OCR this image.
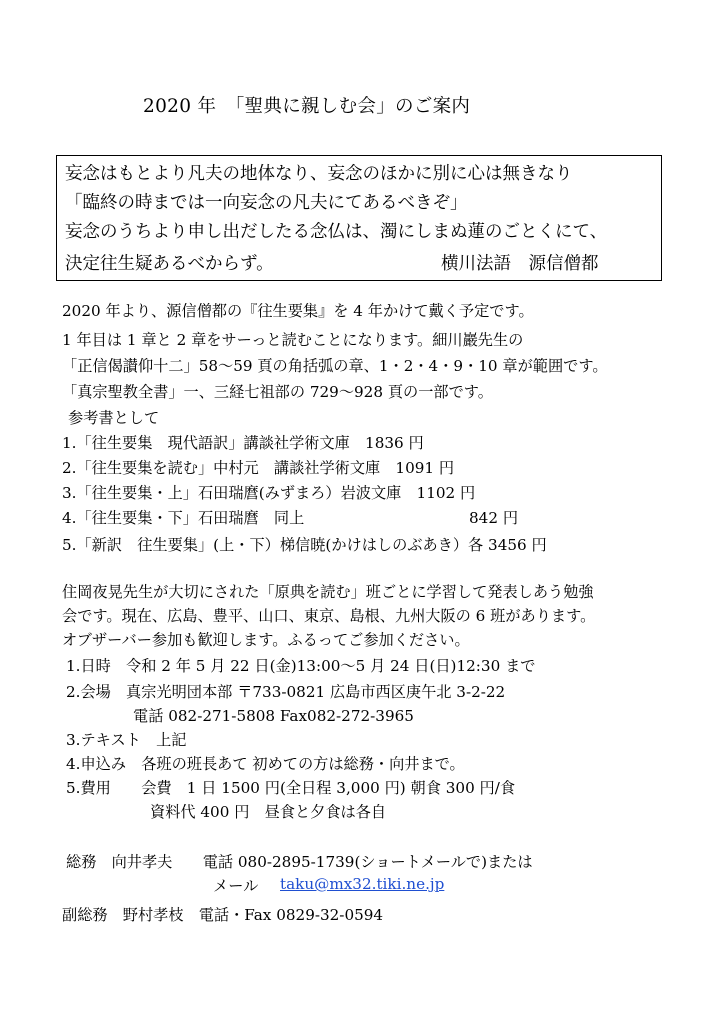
2020 年　「聖典に親しむ会」のご案内
妄念はもとより凡夫の地体なり、妄念のほかに別に心は無きなり
「臨終の時までは一向妄念の凡夫にてあるべきぞ」
妄念のうちより申し出だしたる念仏は、濁にしまぬ蓮のごとくにて、
決定往生疑あるべからず。	横川法語　源信僧都
2020 年より、源信僧都の『往生要集』を 4 年かけて戴く予定です。
1 年目は 1 章と 2 章をサーっと読むことになります。細川巖先生の
「正信偈讃仰十二」58〜59 頁の角括弧の章、1・2・4・9・10 章が範囲です。
「真宗聖教全書」一、三経七祖部の 729〜928 頁の一部です。
参考書として
1.「往生要集　現代語訳」講談社学術文庫　1836 円
2.「往生要集を読む」中村元　講談社学術文庫　1091 円
3.「往生要集・上」石田瑞麿(みずまろ）岩波文庫　1102 円
4.「往生要集・下」石田瑞麿　同上	842 円
5.「新訳　往生要集」(上・下）梯信暁(かけはしのぶあき）各 3456 円
住岡夜晃先生が大切にされた「原典を読む」班ごとに学習して発表しあう勉強
会です。現在、広島、豊平、山口、東京、島根、九州大阪の 6 班があります。
オブザーバー参加も歓迎します。ふるってご参加ください。
1.日時　令和 2 年 5 月 22 日(金)13:00〜5 月 24 日(日)12:30 まで
2.会場　真宗光明団本部 〒733-0821 広島市西区庚午北 3-2-22
電話 082-271-5808 Fax082-272-3965
3.テキスト　上記
4.申込み　各班の班長あて 初めての方は総務・向井まで。
5.費用　　会費　1 日 1500 円(全日程 3,000 円) 朝食 300 円/食
資料代 400 円　昼食と夕食は各自
総務　向井孝夫　　電話 080-2895-1739(ショートメールで)または
メール taku@mx32.tiki.ne.jp
副総務　野村孝枝　電話・Fax 0829-32-0594
